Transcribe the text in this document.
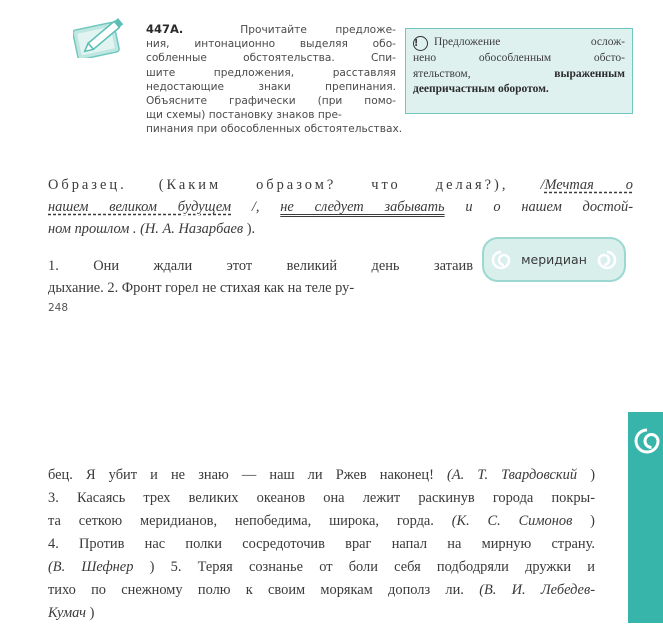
447А.	Прочитайте предложе-
ния, интонационно выделяя обо-
собленные обстоятельства. Спи-
шите предложения, расставляя
недостающие знаки препинания.
Объясните графически (при помо-
щи схемы) постановку знаков пре-
пинания при обособленных обстоятельствах.
! Предложение ослож-
нено обособленным обсто-
ятельством,	выраженным
деепричастным оборотом.
Образец. (Каким образом? что делая?), /Мечтая о
нашем великом будущем /, не следует забывать и о нашем достой-
ном прошлом . (Н. А. Назарбаев ).
1. Они ждали этот великий день затаив
дыхание. 2. Фронт горел не стихая как на теле ру-
меридиан
248
бец. Я убит и не знаю — наш ли Ржев наконец! (А. Т. Твардовский )
3. Касаясь трех великих океанов она лежит раскинув города покры-
та сеткою меридианов, непобедима, широка, горда. (К. С. Симонов )
4. Против нас полки сосредоточив враг напал на мирную страну.
(В. Шефнер ) 5. Теряя сознанье от боли себя подбодряли дружки и
тихо по снежному полю к своим морякам дополз ли. (В. И. Лебедев-
Кумач )
